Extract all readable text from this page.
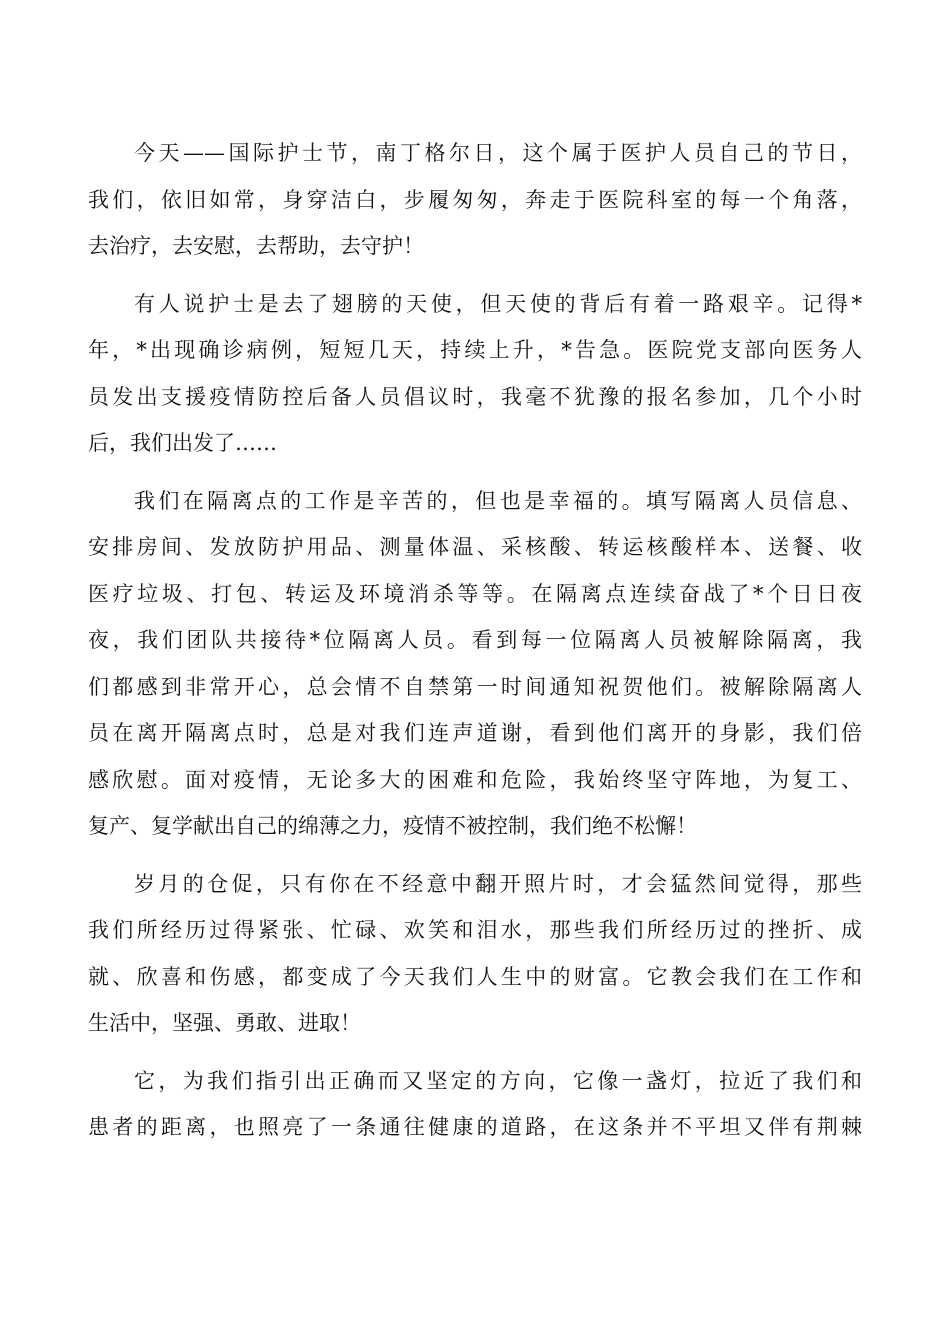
今天——国际护士节，南丁格尔日，这个属于医护人员自己的节日，
我们，依旧如常，身穿洁白，步履匆匆，奔走于医院科室的每一个角落，
去治疗，去安慰，去帮助，去守护！

有人说护士是去了翅膀的天使，但天使的背后有着一路艰辛。记得*
年，*出现确诊病例，短短几天，持续上升，*告急。医院党支部向医务人
员发出支援疫情防控后备人员倡议时，我毫不犹豫的报名参加，几个小时
后，我们出发了……

我们在隔离点的工作是辛苦的，但也是幸福的。填写隔离人员信息、
安排房间、发放防护用品、测量体温、采核酸、转运核酸样本、送餐、收
医疗垃圾、打包、转运及环境消杀等等。在隔离点连续奋战了*个日日夜
夜，我们团队共接待*位隔离人员。看到每一位隔离人员被解除隔离，我
们都感到非常开心，总会情不自禁第一时间通知祝贺他们。被解除隔离人
员在离开隔离点时，总是对我们连声道谢，看到他们离开的身影，我们倍
感欣慰。面对疫情，无论多大的困难和危险，我始终坚守阵地，为复工、
复产、复学献出自己的绵薄之力，疫情不被控制，我们绝不松懈！

岁月的仓促，只有你在不经意中翻开照片时，才会猛然间觉得，那些
我们所经历过得紧张、忙碌、欢笑和泪水，那些我们所经历过的挫折、成
就、欣喜和伤感，都变成了今天我们人生中的财富。它教会我们在工作和
生活中，坚强、勇敢、进取！

它，为我们指引出正确而又坚定的方向，它像一盏灯，拉近了我们和
患者的距离，也照亮了一条通往健康的道路，在这条并不平坦又伴有荆棘
